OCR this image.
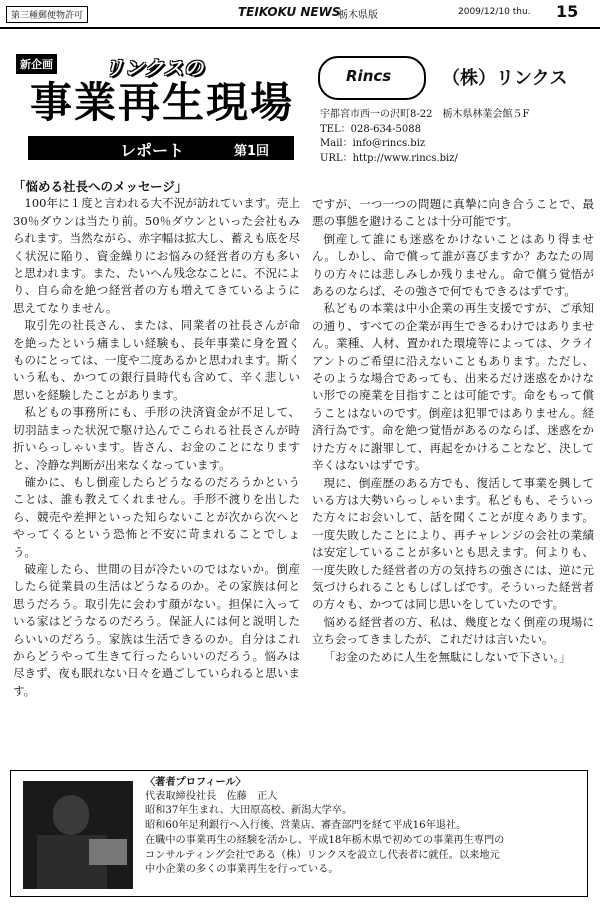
第三種郵便物許可	TEIKOKU NEWS
栃木県版	2009/12/10 thu. 15
新企画	リンクスの
事業再生現場
レポート	第1回
Rincs	（株）リンクス
宇都宮市西一の沢町8-22　栃木県林業会館５F
TEL：028-634-5088
Mail：info@rincs.biz
URL：http://www.rincs.biz/

「悩める社長へのメッセージ」

100年に１度と言われる大不況が訪れています。売上30％ダウンは当たり前。50％ダウンといった会社もみられます。当然ながら、赤字幅は拡大し、蓄えも底を尽く状況に陥り、資金繰りにお悩みの経営者の方も多いと思われます。また、たいへん残念なことに、不況により、自ら命を絶つ経営者の方も増えてきているように思えてなりません。

取引先の社長さん、または、同業者の社長さんが命を絶ったという痛ましい経験も、長年事業に身を置くものにとっては、一度や二度あるかと思われます。斯くいう私も、かつての銀行員時代も含めて、辛く悲しい思いを経験したことがあります。

私どもの事務所にも、手形の決済資金が不足して、切羽詰まった状況で駆け込んでこられる社長さんが時折いらっしゃいます。皆さん、お金のことになりますと、冷静な判断が出来なくなっています。

確かに、もし倒産したらどうなるのだろうかということは、誰も教えてくれません。手形不渡りを出したら、競売や差押といった知らないことが次から次へとやってくるという恐怖と不安に苛まれることでしょう。

破産したら、世間の目が冷たいのではないか。倒産したら従業員の生活はどうなるのか。その家族は何と思うだろう。取引先に会わす顔がない。担保に入っている家はどうなるのだろう。保証人には何と説明したらいいのだろう。家族は生活できるのか。自分はこれからどうやって生きて行ったらいいのだろう。悩みは尽きず、夜も眠れない日々を過ごしていられると思います。

ですが、一つ一つの問題に真摯に向き合うことで、最悪の事態を避けることは十分可能です。

倒産して誰にも迷惑をかけないことはあり得ません。しかし、命で償って誰が喜びますか？あなたの周りの方々には悲しみしか残りません。命で償う覚悟があるのならば、その強さで何でもできるはずです。

私どもの本業は中小企業の再生支援ですが、ご承知の通り、すべての企業が再生できるわけではありません。業種、人材、置かれた環境等によっては、クライアントのご希望に沿えないこともあります。ただし、そのような場合であっても、出来るだけ迷惑をかけない形での廃業を目指すことは可能です。命をもって償うことはないのです。倒産は犯罪ではありません。経済行為です。命を絶つ覚悟があるのならば、迷惑をかけた方々に謝罪して、再起をかけることなど、決して辛くはないはずです。

現に、倒産歴のある方でも、復活して事業を興している方は大勢いらっしゃいます。私どもも、そういった方々にお会いして、話を聞くことが度々あります。一度失敗したことにより、再チャレンジの会社の業績は安定していることが多いとも思えます。何よりも、一度失敗した経営者の方の気持ちの強さには、逆に元気づけられることもしばしばです。そういった経営者の方々も、かつては同じ思いをしていたのです。

悩める経営者の方、私は、幾度となく倒産の現場に立ち会ってきましたが、これだけは言いたい。

「お金のために人生を無駄にしないで下さい。」

〈著者プロフィール〉
代表取締役社長　佐藤　正人
昭和37年生まれ、大田原高校、新潟大学卒。
昭和60年足利銀行へ入行後、営業店、審査部門を経て平成16年退社。
在職中の事業再生の経験を活かし、平成18年栃木県で初めての事業再生専門の
コンサルティング会社である（株）リンクスを設立し代表者に就任。以来地元
中小企業の多くの事業再生を行っている。
